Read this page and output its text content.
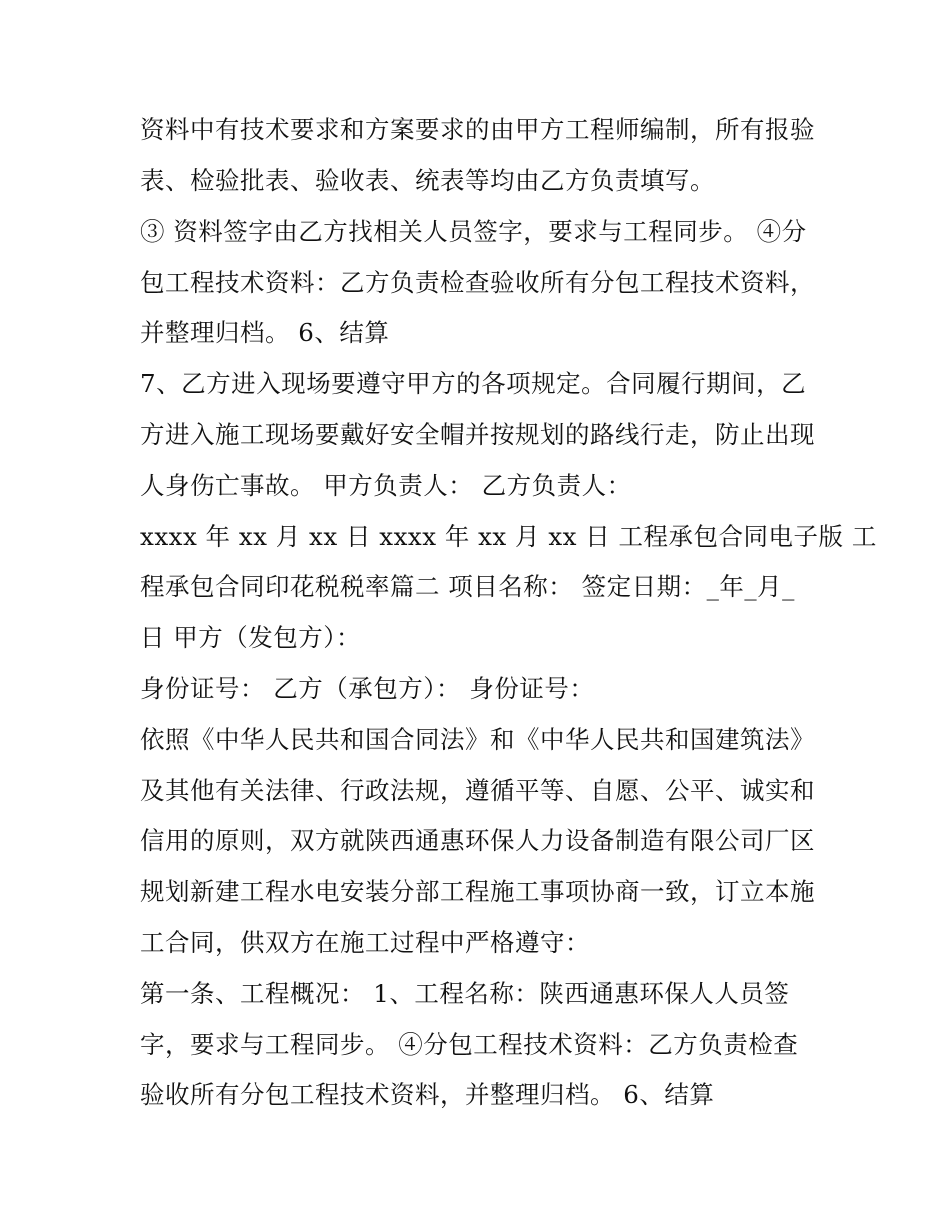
资料中有技术要求和方案要求的由甲方工程师编制，所有报验
表、检验批表、验收表、统表等均由乙方负责填写。
③ 资料签字由乙方找相关人员签字，要求与工程同步。 ④分
包工程技术资料：乙方负责检查验收所有分包工程技术资料，
并整理归档。 6、结算
7、乙方进入现场要遵守甲方的各项规定。合同履行期间，乙
方进入施工现场要戴好安全帽并按规划的路线行走，防止出现
人身伤亡事故。 甲方负责人： 乙方负责人：
xxxx 年 xx 月 xx 日 xxxx 年 xx 月 xx 日 工程承包合同电子版 工
程承包合同印花税税率篇二 项目名称： 签定日期：_年_月_
日 甲方（发包方）：
身份证号： 乙方（承包方）： 身份证号：
依照《中华人民共和国合同法》和《中华人民共和国建筑法》
及其他有关法律、行政法规，遵循平等、自愿、公平、诚实和
信用的原则，双方就陕西通惠环保人力设备制造有限公司厂区
规划新建工程水电安装分部工程施工事项协商一致，订立本施
工合同，供双方在施工过程中严格遵守：
第一条、工程概况： 1、工程名称：陕西通惠环保人人员签
字，要求与工程同步。 ④分包工程技术资料：乙方负责检查
验收所有分包工程技术资料，并整理归档。 6、结算
